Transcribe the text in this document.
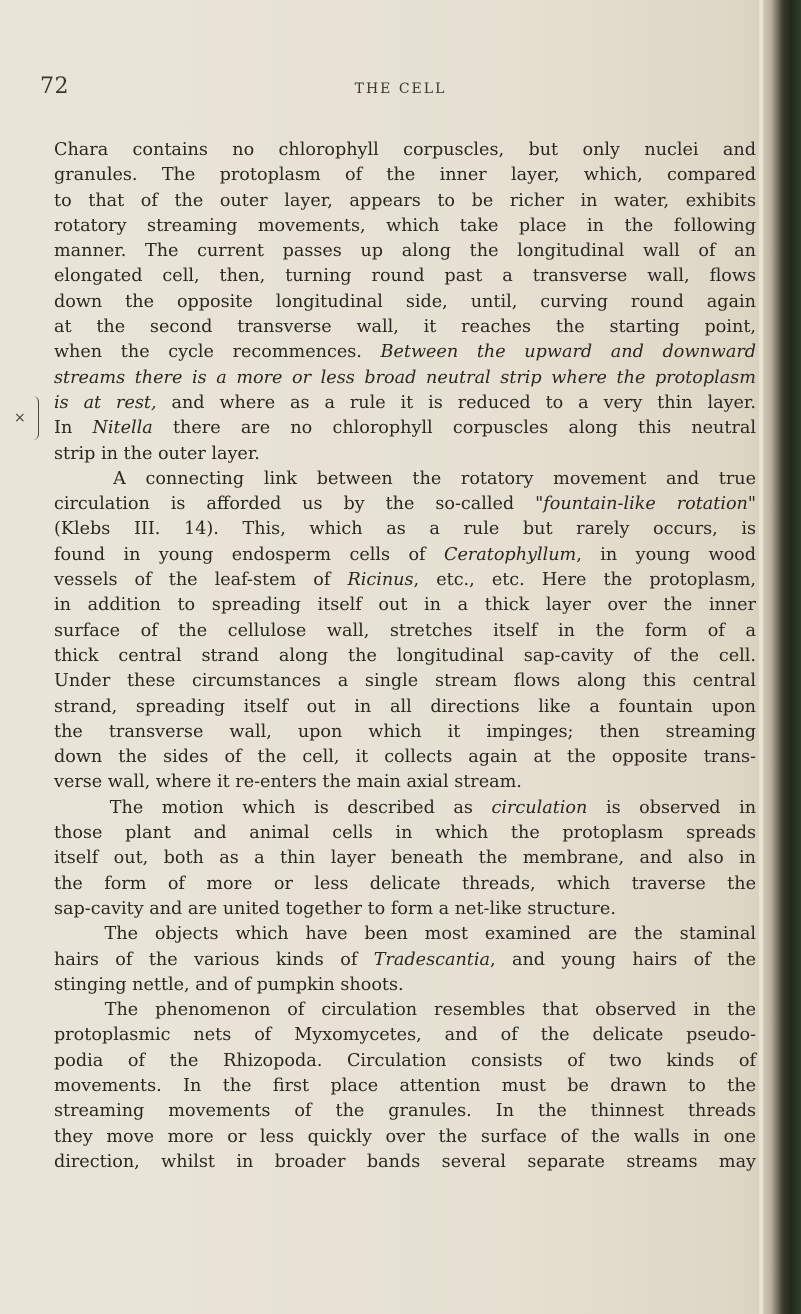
72	THE CELL
×
Chara contains no chlorophyll corpuscles, but only nuclei and
granules. The protoplasm of the inner layer, which, compared
to that of the outer layer, appears to be richer in water, exhibits
rotatory streaming movements, which take place in the following
manner. The current passes up along the longitudinal wall of an
elongated cell, then, turning round past a transverse wall, flows
down the opposite longitudinal side, until, curving round again
at the second transverse wall, it reaches the starting point,
when the cycle recommences. Between the upward and downward
streams there is a more or less broad neutral strip where the protoplasm
is at rest, and where as a rule it is reduced to a very thin layer.
In Nitella there are no chlorophyll corpuscles along this neutral
strip in the outer layer.
A connecting link between the rotatory movement and true
circulation is afforded us by the so-called "fountain-like rotation"
(Klebs III. 14). This, which as a rule but rarely occurs, is
found in young endosperm cells of Ceratophyllum, in young wood
vessels of the leaf-stem of Ricinus, etc., etc. Here the protoplasm,
in addition to spreading itself out in a thick layer over the inner
surface of the cellulose wall, stretches itself in the form of a
thick central strand along the longitudinal sap-cavity of the cell.
Under these circumstances a single stream flows along this central
strand, spreading itself out in all directions like a fountain upon
the transverse wall, upon which it impinges; then streaming
down the sides of the cell, it collects again at the opposite trans-
verse wall, where it re-enters the main axial stream.
The motion which is described as circulation is observed in
those plant and animal cells in which the protoplasm spreads
itself out, both as a thin layer beneath the membrane, and also in
the form of more or less delicate threads, which traverse the
sap-cavity and are united together to form a net-like structure.
The objects which have been most examined are the staminal
hairs of the various kinds of Tradescantia, and young hairs of the
stinging nettle, and of pumpkin shoots.
The phenomenon of circulation resembles that observed in the
protoplasmic nets of Myxomycetes, and of the delicate pseudo-
podia of the Rhizopoda. Circulation consists of two kinds of
movements. In the first place attention must be drawn to the
streaming movements of the granules. In the thinnest threads
they move more or less quickly over the surface of the walls in one
direction, whilst in broader bands several separate streams may
